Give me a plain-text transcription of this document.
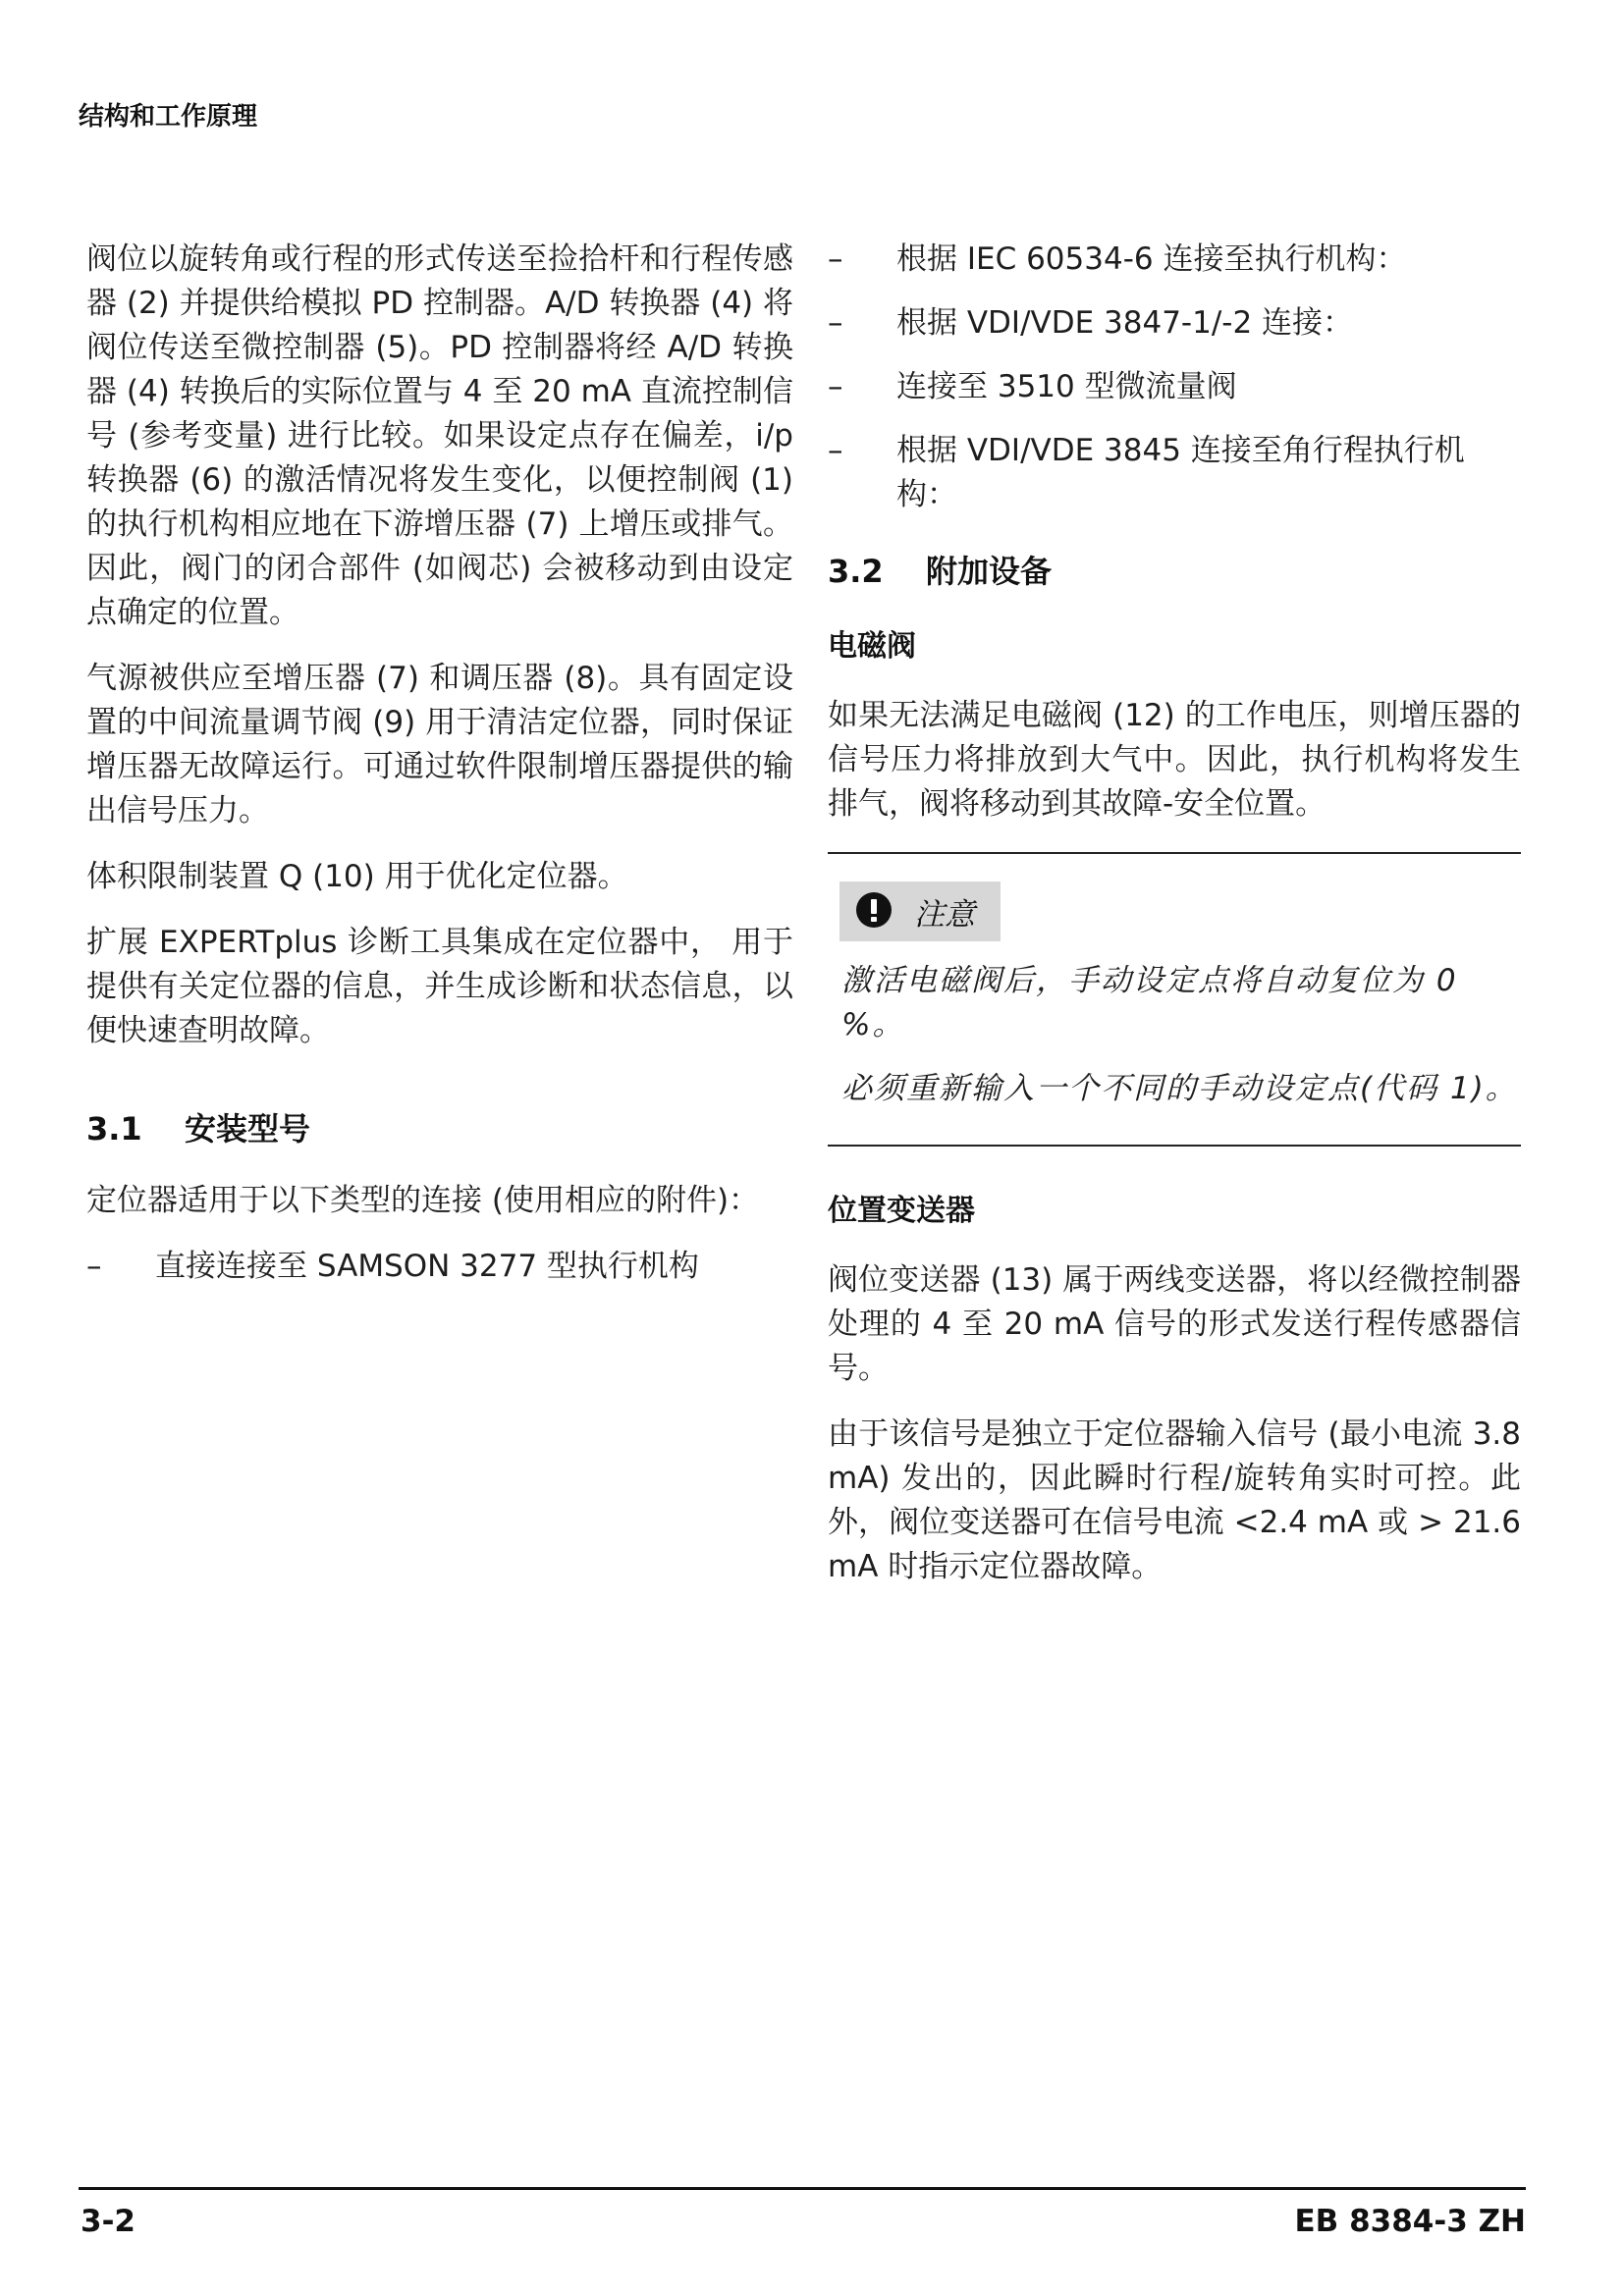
结构和工作原理

阀位以旋转角或行程的形式传送至捡拾杆和行程传感器 (2) 并提供给模拟 PD 控制器。A/D 转换器 (4) 将阀位传送至微控制器 (5)。PD 控制器将经 A/D 转换器 (4) 转换后的实际位置与 4 至 20 mA 直流控制信号 (参考变量) 进行比较。如果设定点存在偏差，i/p 转换器 (6) 的激活情况将发生变化，以便控制阀 (1) 的执行机构相应地在下游增压器 (7) 上增压或排气。因此，阀门的闭合部件 (如阀芯) 会被移动到由设定点确定的位置。

气源被供应至增压器 (7) 和调压器 (8)。具有固定设置的中间流量调节阀 (9) 用于清洁定位器，同时保证增压器无故障运行。可通过软件限制增压器提供的输出信号压力。

体积限制装置 Q (10) 用于优化定位器。

扩展 EXPERTplus 诊断工具集成在定位器中， 用于提供有关定位器的信息，并生成诊断和状态信息，以便快速查明故障。

3.1 安装型号

定位器适用于以下类型的连接 (使用相应的附件)：

– 直接连接至 SAMSON 3277 型执行机构
– 根据 IEC 60534-6 连接至执行机构：
– 根据 VDI/VDE 3847-1/-2 连接：
– 连接至 3510 型微流量阀
– 根据 VDI/VDE 3845 连接至角行程执行机构：
3.2 附加设备
电磁阀

如果无法满足电磁阀 (12) 的工作电压，则增压器的信号压力将排放到大气中。因此，执行机构将发生排气，阀将移动到其故障-安全位置。

注意

激活电磁阀后，手动设定点将自动复位为 0 %。

必须重新输入一个不同的手动设定点(代码 1)。

位置变送器

阀位变送器 (13) 属于两线变送器，将以经微控制器处理的 4 至 20 mA 信号的形式发送行程传感器信号。

由于该信号是独立于定位器输入信号 (最小电流 3.8 mA) 发出的，因此瞬时行程/旋转角实时可控。此外，阀位变送器可在信号电流 <2.4 mA 或 > 21.6 mA 时指示定位器故障。

3-2	EB 8384-3 ZH
